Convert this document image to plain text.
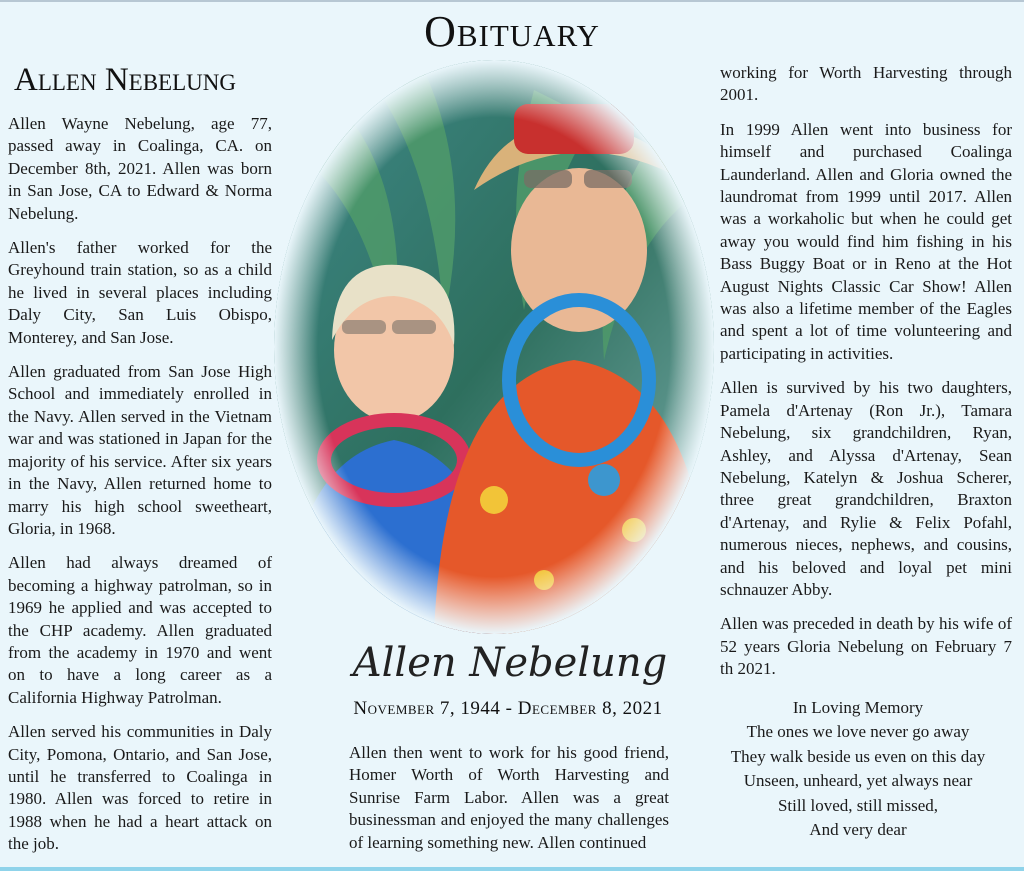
Obituary
Allen Nebelung

Allen Wayne Nebelung, age 77, passed away in Coalinga, CA. on December 8th, 2021. Allen was born in San Jose, CA to Edward & Norma Nebelung.

Allen's father worked for the Greyhound train station, so as a child he lived in several places including Daly City, San Luis Obispo, Monterey, and San Jose.

Allen graduated from San Jose High School and immediately enrolled in the Navy. Allen served in the Vietnam war and was stationed in Japan for the majority of his service. After six years in the Navy, Allen returned home to marry his high school sweetheart, Gloria, in 1968.

Allen had always dreamed of becoming a highway patrolman, so in 1969 he applied and was accepted to the CHP academy. Allen graduated from the academy in 1970 and went on to have a long career as a California Highway Patrolman.

Allen served his communities in Daly City, Pomona, Ontario, and San Jose, until he transferred to Coalinga in 1980. Allen was forced to retire in 1988 when he had a heart attack on the job.

Allen Nebelung
November 7, 1944 - December 8, 2021

Allen then went to work for his good friend, Homer Worth of Worth Harvesting and Sunrise Farm Labor. Allen was a great businessman and enjoyed the many challenges of learning something new. Allen continued

working for Worth Harvesting through 2001.

In 1999 Allen went into business for himself and purchased Coalinga Launderland. Allen and Gloria owned the laundromat from 1999 until 2017. Allen was a workaholic but when he could get away you would find him fishing in his Bass Buggy Boat or in Reno at the Hot August Nights Classic Car Show! Allen was also a lifetime member of the Eagles and spent a lot of time volunteering and participating in activities.

Allen is survived by his two daughters, Pamela d'Artenay (Ron Jr.), Tamara Nebelung, six grandchildren, Ryan, Ashley, and Alyssa d'Artenay, Sean Nebelung, Katelyn & Joshua Scherer, three great grandchildren, Braxton d'Artenay, and Rylie & Felix Pofahl, numerous nieces, nephews, and cousins, and his beloved and loyal pet mini schnauzer Abby.

Allen was preceded in death by his wife of 52 years Gloria Nebelung on February 7 th 2021.

In Loving Memory
The ones we love never go away
They walk beside us even on this day
Unseen, unheard, yet always near
Still loved, still missed,
And very dear
